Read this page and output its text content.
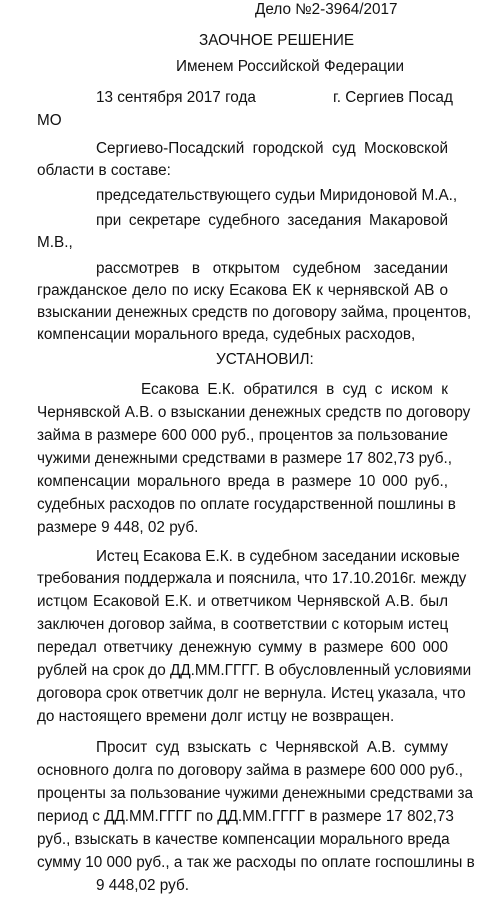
Дело №2-3964/2017
ЗАОЧНОЕ РЕШЕНИЕ
Именем Российской Федерации
13 сентября 2017 года	г. Сергиев Посад
МО
Сергиево-Посадский городской суд Московской
области в составе:
председательствующего судьи Миридоновой М.А.,
при секретаре судебного заседания Макаровой
М.В.,
рассмотрев в открытом судебном заседании
гражданское дело по иску Есакова ЕК к чернявской АВ о
взыскании денежных средств по договору займа, процентов,
компенсации морального вреда, судебных расходов,
УСТАНОВИЛ:
Есакова Е.К. обратился в суд с иском к
Чернявской А.В. о взыскании денежных средств по договору
займа в размере 600 000 руб., процентов за пользование
чужими денежными средствами в размере 17 802,73 руб.,
компенсации морального вреда в размере 10 000 руб.,
судебных расходов по оплате государственной пошлины в
размере 9 448, 02 руб.
Истец Есакова Е.К. в судебном заседании исковые
требования поддержала и пояснила, что 17.10.2016г. между
истцом Есаковой Е.К. и ответчиком Чернявской А.В. был
заключен договор займа, в соответствии с которым истец
передал ответчику денежную сумму в размере 600 000
рублей на срок до ДД.ММ.ГГГГ. В обусловленный условиями
договора срок ответчик долг не вернула. Истец указала, что
до настоящего времени долг истцу не возвращен.
Просит суд взыскать с Чернявской А.В. сумму
основного долга по договору займа в размере 600 000 руб.,
проценты за пользование чужими денежными средствами за
период с ДД.ММ.ГГГГ по ДД.ММ.ГГГГ в размере 17 802,73
руб., взыскать в качестве компенсации морального вреда
сумму 10 000 руб., а так же расходы по оплате госпошлины в
9 448,02 руб.
